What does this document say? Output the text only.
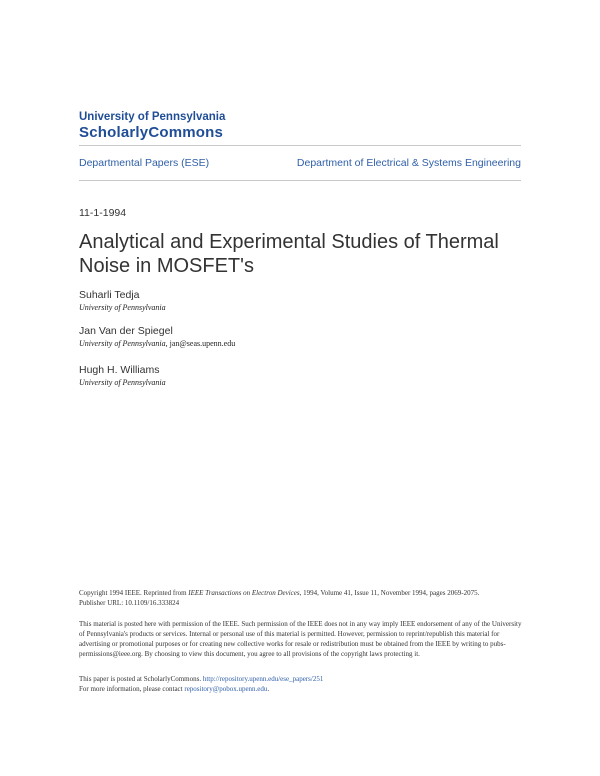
University of Pennsylvania
ScholarlyCommons
Departmental Papers (ESE)	Department of Electrical & Systems Engineering
11-1-1994
Analytical and Experimental Studies of Thermal Noise in MOSFET's
Suharli Tedja
University of Pennsylvania
Jan Van der Spiegel
University of Pennsylvania, jan@seas.upenn.edu
Hugh H. Williams
University of Pennsylvania
Copyright 1994 IEEE. Reprinted from IEEE Transactions on Electron Devices, 1994, Volume 41, Issue 11, November 1994, pages 2069-2075.
Publisher URL: 10.1109/16.333824
This material is posted here with permission of the IEEE. Such permission of the IEEE does not in any way imply IEEE endorsement of any of the University of Pennsylvania's products or services. Internal or personal use of this material is permitted. However, permission to reprint/republish this material for advertising or promotional purposes or for creating new collective works for resale or redistribution must be obtained from the IEEE by writing to pubs-permissions@ieee.org. By choosing to view this document, you agree to all provisions of the copyright laws protecting it.
This paper is posted at ScholarlyCommons. http://repository.upenn.edu/ese_papers/251
For more information, please contact repository@pobox.upenn.edu.
